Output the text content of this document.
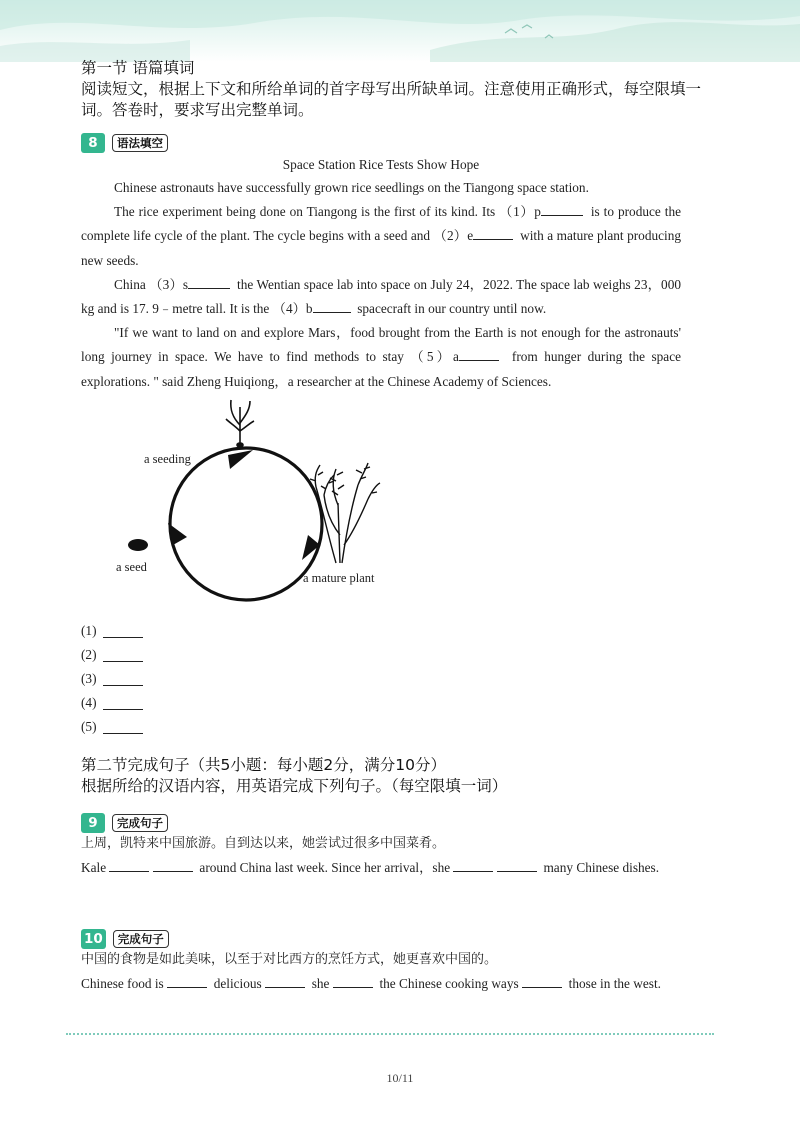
第一节 语篇填词
阅读短文，根据上下文和所给单词的首字母写出所缺单词。注意使用正确形式，每空限填一词。答卷时，要求写出完整单词。
8	语法填空
Space Station Rice Tests Show Hope

Chinese astronauts have successfully grown rice seedlings on the Tiangong space station.

The rice experiment being done on Tiangong is the first of its kind. Its （1）p	is to produce the complete life cycle of the plant. The cycle begins with a seed and （2）e	with a mature plant producing new seeds.

China （3）s	the Wentian space lab into space on July 24，2022. The space lab weighs 23，000 kg and is 17. 9﹣metre tall. It is the （4）b	spacecraft in our country until now.

"If we want to land on and explore Mars，food brought from the Earth is not enough for the astronauts' long journey in space. We have to find methods to stay （5）a	from hunger during the space explorations. " said Zheng Huiqiong，a researcher at the Chinese Academy of Sciences.

a seeding
a seed
a mature plant
(1)
(2)
(3)
(4)
(5)
第二节完成句子（共5小题：每小题2分，满分10分）
根据所给的汉语内容，用英语完成下列句子。（每空限填一词）
9	完成句子

上周，凯特来中国旅游。自到达以来，她尝试过很多中国菜肴。

Kale	around China last week. Since her arrival，she	many Chinese dishes.

10	完成句子

中国的食物是如此美味，以至于对比西方的烹饪方式，她更喜欢中国的。

Chinese food is	delicious	she	the Chinese cooking ways	those in the west.

10/11
